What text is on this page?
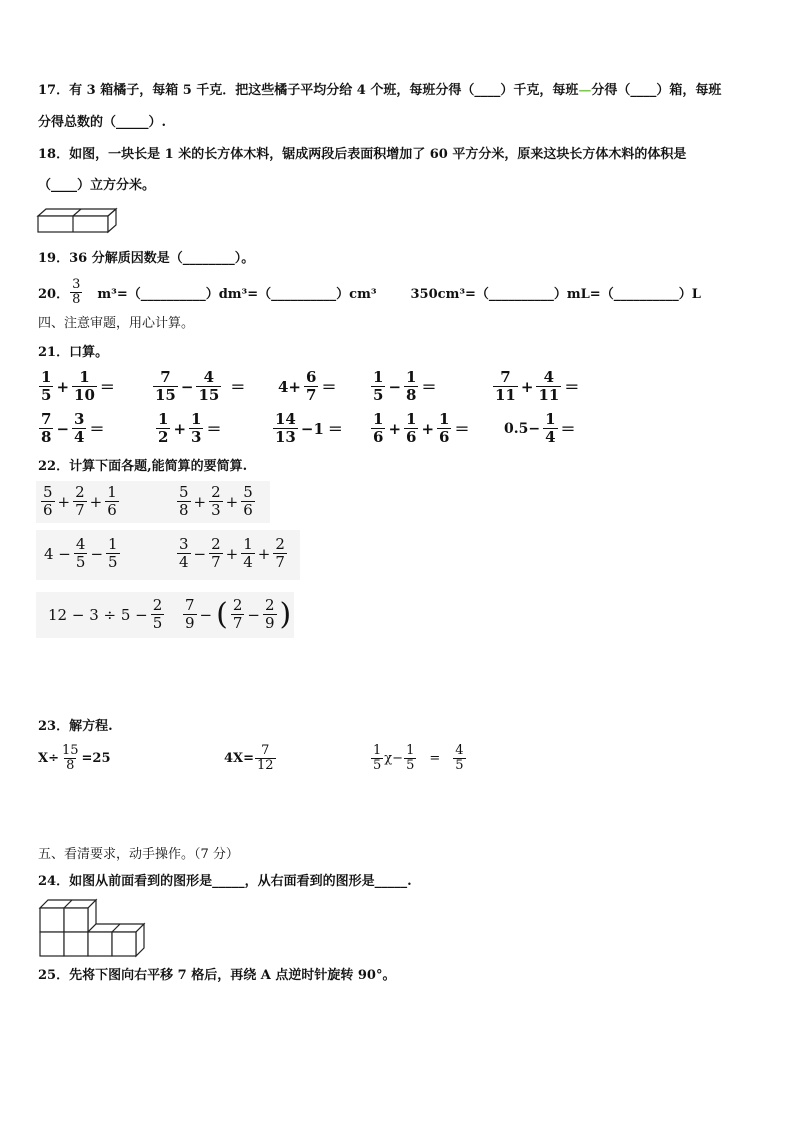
17．有 3 箱橘子，每箱 5 千克．把这些橘子平均分给 4 个班，每班分得（____）千克，每班—分得（____）箱，每班
分得总数的（_____）.
18．如图，一块长是 1 米的长方体木料，锯成两段后表面积增加了 60 平方分米，原来这块长方体木料的体积是
（____）立方分米。
19．36 分解质因数是（________）。
20． $\frac{3}{8}$ m³=（__________）dm³=（__________）cm³	350cm³=（__________）mL=（__________）L
四、注意审题，用心计算。
21．口算。
$\frac{1}{5} + \frac{1}{10}$ ＝	$\frac{7}{15} - \frac{4}{15} = 4+ \frac{6}{7} = \frac{1}{5} - \frac{1}{8}$ ＝	$\frac{7}{11} + \frac{4}{11}$ ＝
$\frac{7}{8} - \frac{3}{4}$ ＝	$\frac{1}{2} + \frac{1}{3}$ ＝	$\frac{14}{13} -1 = \frac{1}{6} + \frac{1}{6} + \frac{1}{6} = 0.5- \frac{1}{4}$ ＝
22．计算下面各题,能简算的要简算.
$\frac{5}{6} + \frac{2}{7} + \frac{1}{6}$	$\frac{5}{8} + \frac{2}{3} + \frac{5}{6}$
$4 - \frac{4}{5} - \frac{1}{5}$	$\frac{3}{4} - \frac{2}{7} + \frac{1}{4} + \frac{2}{7}$
$12 - 3 \div 5 - \frac{2}{5} \frac{7}{9}$ − ( $\frac{2}{7} - \frac{2}{9}$ )
23．解方程.
$X\div \frac{15}{8} =25$	$4X= \frac{7}{12}$	$\frac{1}{5} \chi- \frac{1}{5} = \frac{4}{5}$
五、看清要求，动手操作。（7 分）
24．如图从前面看到的图形是_____，从右面看到的图形是_____.
25．先将下图向右平移 7 格后，再绕 A 点逆时针旋转 90°。
